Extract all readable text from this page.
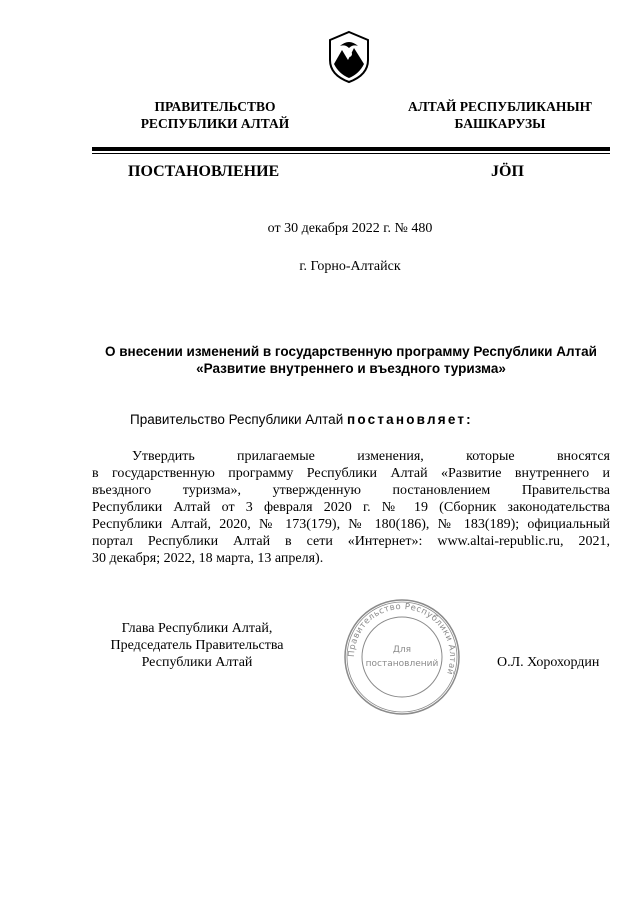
ПРАВИТЕЛЬСТВО
РЕСПУБЛИКИ АЛТАЙ
АЛТАЙ РЕСПУБЛИКАНЫҤ
БАШКАРУЗЫ
ПОСТАНОВЛЕНИЕ	JӦП
от 30 декабря 2022 г. № 480
г. Горно-Алтайск
О внесении изменений в государственную программу Республики Алтай
«Развитие внутреннего и въездного туризма»
Правительство Республики Алтай постановляет:
Утвердить прилагаемые изменения, которые вносятся
в государственную программу Республики Алтай «Развитие внутреннего и
въездного туризма», утвержденную постановлением Правительства
Республики Алтай от 3 февраля 2020 г. № 19 (Сборник законодательства
Республики Алтай, 2020, № 173(179), № 180(186), № 183(189); официальный
портал Республики Алтай в сети «Интернет»: www.altai-republic.ru, 2021,
30 декабря; 2022, 18 марта, 13 апреля).
Глава Республики Алтай,
Председатель Правительства
Республики Алтай
Правительство Республики Алтай
Для
постановлений	О.Л. Хорохордин
